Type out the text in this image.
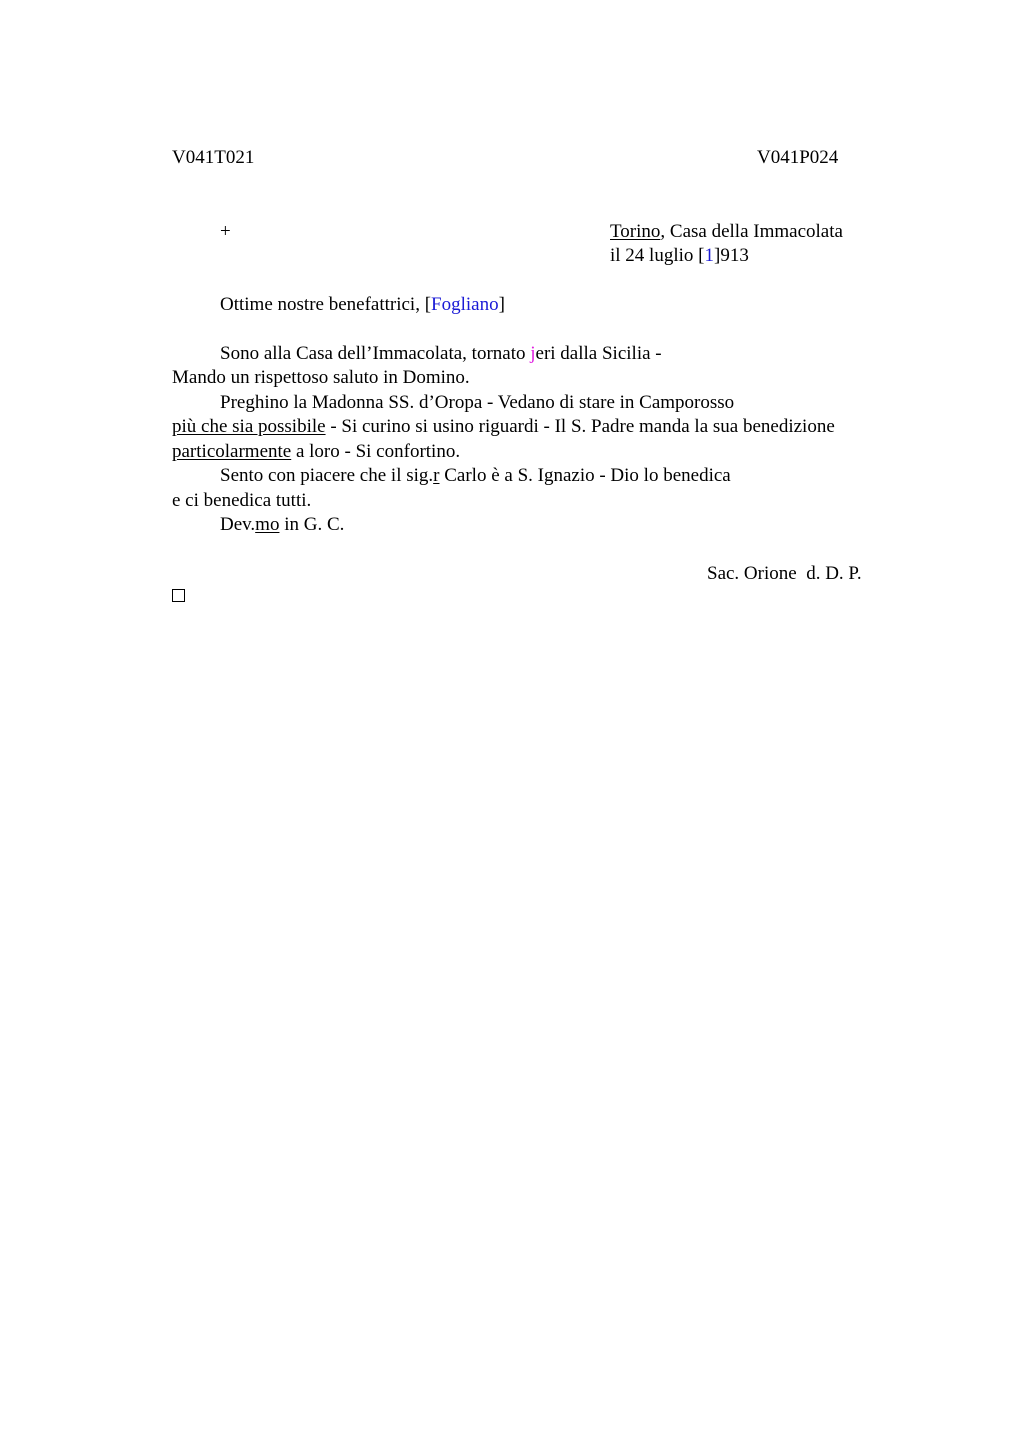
V041T021	V041P024
+	Torino, Casa della Immacolata
il 24 luglio [1]913
Ottime nostre benefattrici, [Fogliano]
Sono alla Casa dell’Immacolata, tornato jeri dalla Sicilia -
Mando un rispettoso saluto in Domino.
Preghino la Madonna SS. d’Oropa - Vedano di stare in Camporosso
più che sia possibile - Si curino si usino riguardi - Il S. Padre manda la sua benedizione
particolarmente a loro - Si confortino.
Sento con piacere che il sig.r Carlo è a S. Ignazio - Dio lo benedica
e ci benedica tutti.
Dev.mo in G. C.
Sac. Orione  d. D. P.
